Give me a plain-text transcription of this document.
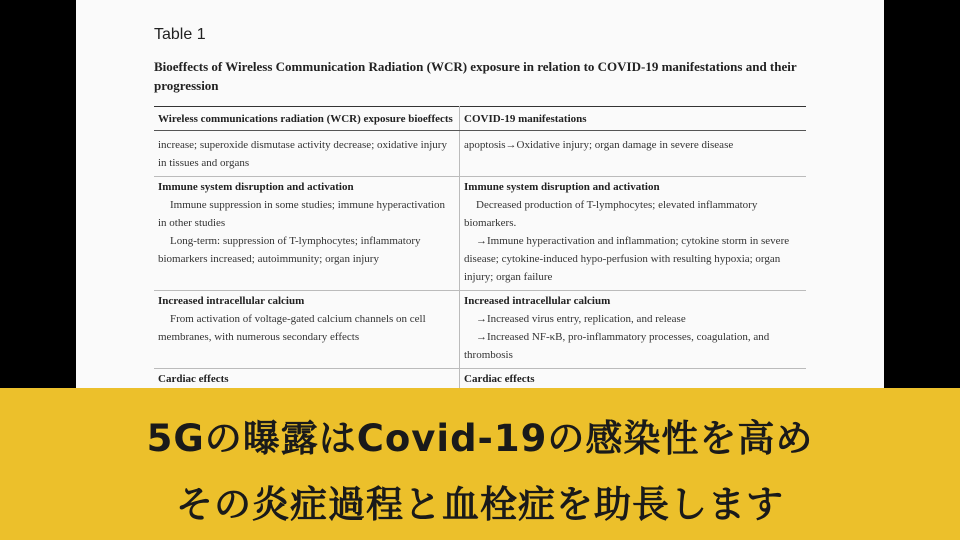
Table 1
Bioeffects of Wireless Communication Radiation (WCR) exposure in relation to COVID-19 manifestations and their progression
Wireless communications radiation (WCR) exposure bioeffects COVID-19 manifestations

increase; superoxide dismutase activity decrease; oxidative injury

in tissues and organs

apoptosis→Oxidative injury; organ damage in severe disease

Immune system disruption and activation

Immune suppression in some studies; immune hyperactivation

in other studies

Long-term: suppression of T-lymphocytes; inflammatory

biomarkers increased; autoimmunity; organ injury

Immune system disruption and activation

Decreased production of T-lymphocytes; elevated inflammatory

biomarkers.

→Immune hyperactivation and inflammation; cytokine storm in severe

disease; cytokine-induced hypo-perfusion with resulting hypoxia; organ

injury; organ failure

Increased intracellular calcium

From activation of voltage-gated calcium channels on cell

membranes, with numerous secondary effects

Increased intracellular calcium

→Increased virus entry, replication, and release

→Increased NF-κB, pro-inflammatory processes, coagulation, and

thrombosis

Cardiac effects	Cardiac effects

5Gの曝露はCovid-19の感染性を高め
その炎症過程と血栓症を助長します
